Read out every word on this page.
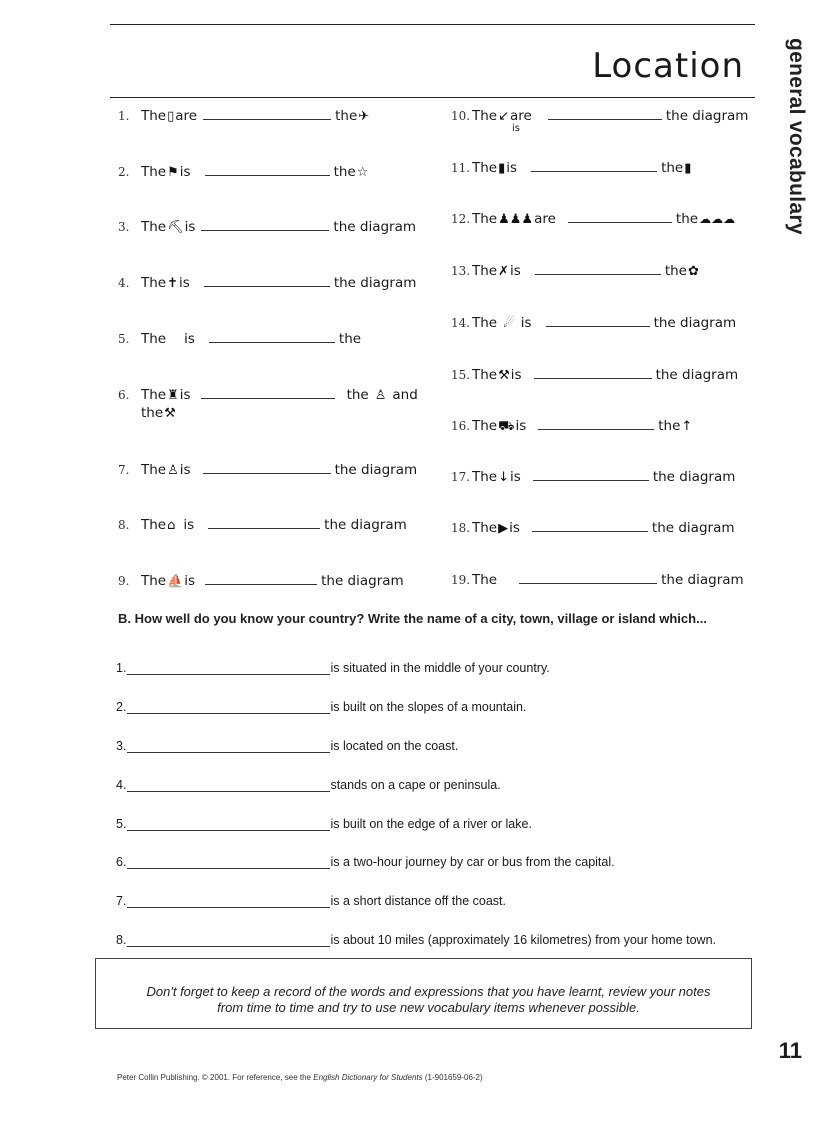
Location general vocabulary
1. The ▯ are	the ✈
2. The ⚑ is	the ☆
3. The ⛏ is	the diagram
4. The ✝ is	the diagram
5. The is	the
6. The ♜ is	the ♙ and
the ⚒
7. The ♙ is	the diagram
8. The ⌂ is	the diagram
9. The ⛵ is	the diagram
10. The ↙ are	the diagram
is
11. The ▮ is	the ▮
12. The ♟♟♟ are	the ☁☁☁
13. The ✗ is	the ✿
14. The ☄ is	the diagram
15. The ⚒ is	the diagram
16. The ⛟ is	the ↑
17. The ↓ is	the diagram
18. The ▶ is	the diagram
19. The	the diagram
B. How well do you know your country? Write the name of a city, town, village or island which...
1.	is situated in the middle of your country.
2.	is built on the slopes of a mountain.
3.	is located on the coast.
4.	stands on a cape or peninsula.
5.	is built on the edge of a river or lake.
6.	is a two-hour journey by car or bus from the capital.
7.	is a short distance off the coast.
8.	is about 10 miles (approximately 16 kilometres) from your home town.
Don't forget to keep a record of the words and expressions that you have learnt, review your notes from time to time and try to use new vocabulary items whenever possible.
11
Peter Collin Publishing. © 2001. For reference, see the English Dictionary for Students (1-901659-06-2)
